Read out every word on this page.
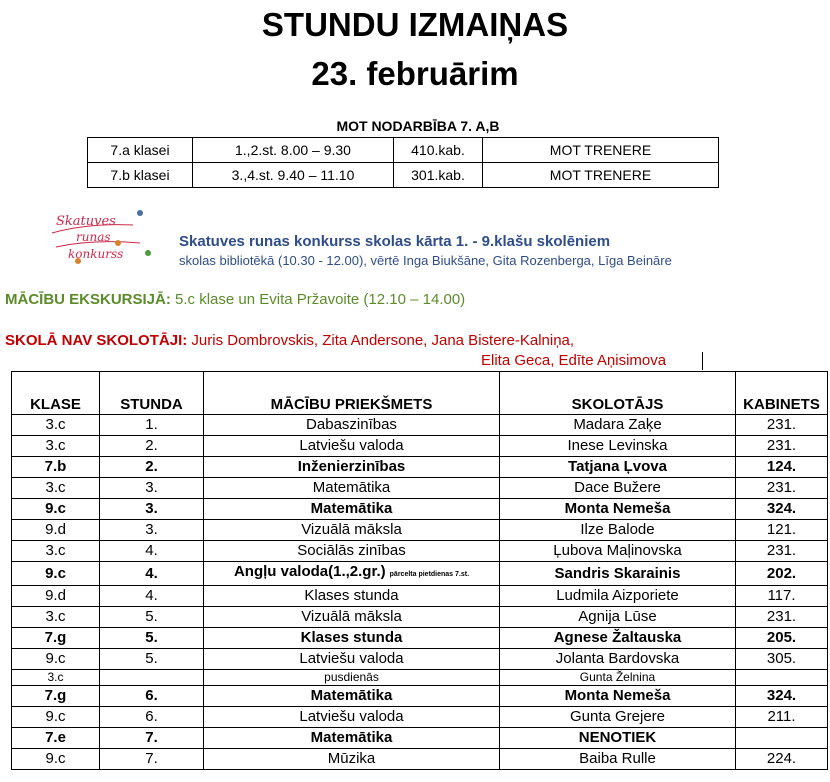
STUNDU IZMAIŅAS
23. februārim
MOT NODARBĪBA 7. A,B
7.a klasei	1.,2.st. 8.00 – 9.30	410.kab.	MOT TRENERE
7.b klasei	3.,4.st. 9.40 – 11.10	301.kab.	MOT TRENERE
Skatuves
runas
konkurss
Skatuves runas konkurss skolas kārta 1. - 9.klašu skolēniem
skolas bibliotēkā (10.30 - 12.00), vērtē Inga Biukšāne, Gita Rozenberga, Līga Beināre
MĀCĪBU EKSKURSIJĀ: 5.c klase un Evita Pržavoite (12.10 – 14.00)
SKOLĀ NAV SKOLOTĀJI: Juris Dombrovskis, Zita Andersone, Jana Bistere-Kalniņa,
Elita Geca, Edīte Aņisimova
KLASE	STUNDA	MĀCĪBU PRIEKŠMETS	SKOLOTĀJS	KABINETS
3.c	1.	Dabaszinības	Madara Zaķe	231.
3.c	2.	Latviešu valoda	Inese Levinska	231.
7.b	2.	Inženierzinības	Tatjana Ļvova	124.
3.c	3.	Matemātika	Dace Bužere	231.
9.c	3.	Matemātika	Monta Nemeša	324.
9.d	3.	Vizuālā māksla	Ilze Balode	121.
3.c	4.	Sociālās zinības	Ļubova Maļinovska	231.
9.c	4.	Angļu valoda(1.,2.gr.) pārcelta pietdienas 7.st.	Sandris Skarainis	202.
9.d	4.	Klases stunda	Ludmila Aizporiete	117.
3.c	5.	Vizuālā māksla	Agnija Lūse	231.
7.g	5.	Klases stunda	Agnese Žaltauska	205.
9.c	5.	Latviešu valoda	Jolanta Bardovska	305.
3.c		pusdienās	Gunta Želnina	
7.g	6.	Matemātika	Monta Nemeša	324.
9.c	6.	Latviešu valoda	Gunta Grejere	211.
7.e	7.	Matemātika	NENOTIEK	
9.c	7.	Mūzika	Baiba Rulle	224.
